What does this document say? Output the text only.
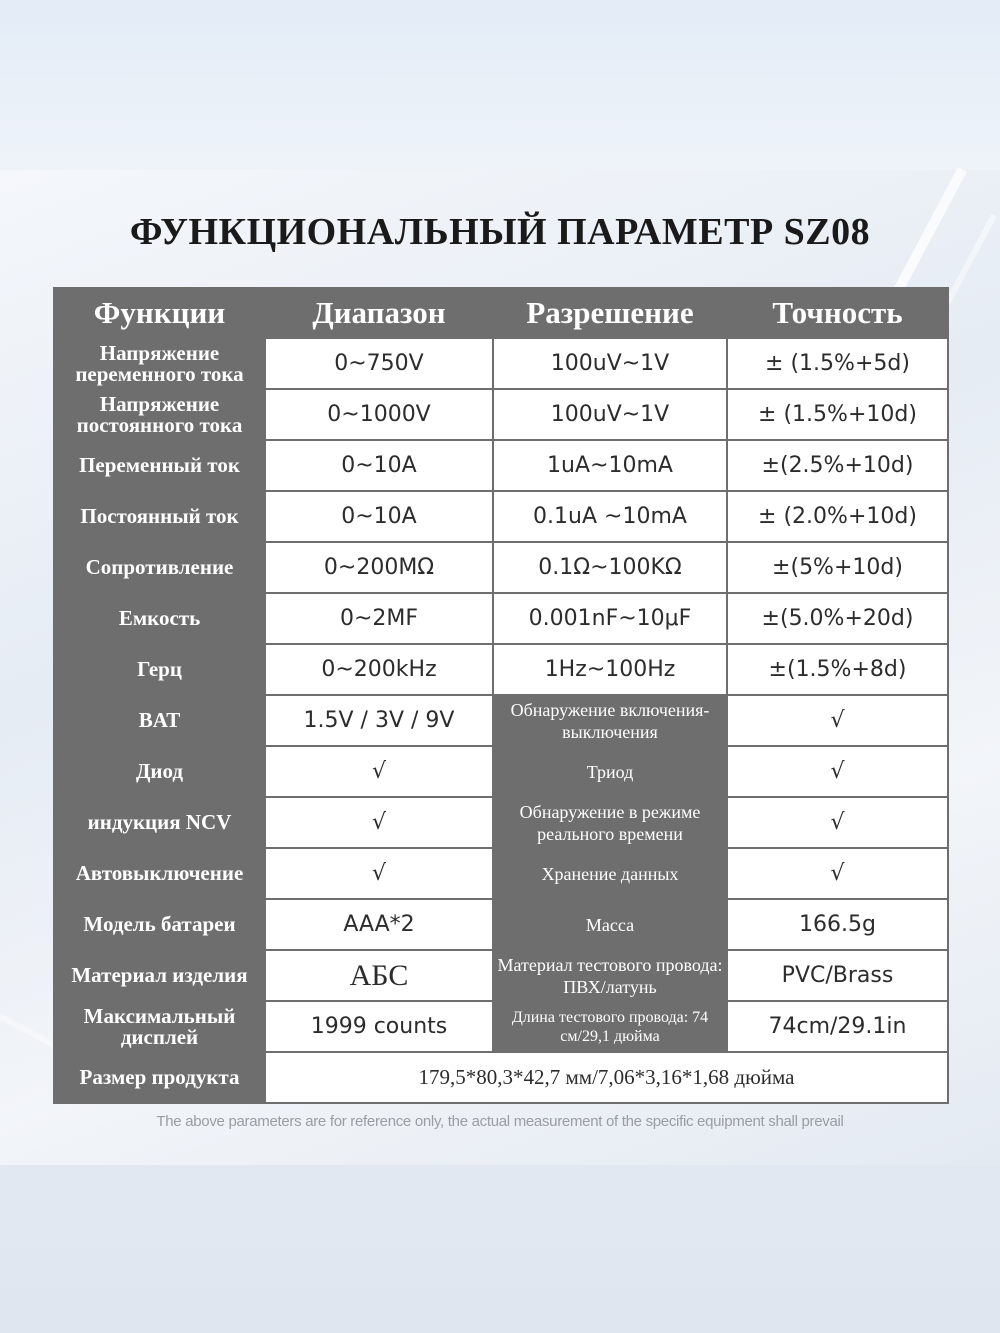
ФУНКЦИОНАЛЬНЫЙ ПАРАМЕТР SZ08
Функции	Диапазон	Разрешение	Точность
Напряжение переменного тока	0~750V	100uV~1V	± (1.5%+5d)
Напряжение постоянного тока	0~1000V	100uV~1V	± (1.5%+10d)
Переменный ток	0~10A	1uA~10mA	±(2.5%+10d)
Постоянный ток	0~10A	0.1uA ~10mA	± (2.0%+10d)
Сопротивление	0~200MΩ	0.1Ω~100KΩ	±(5%+10d)
Емкость	0~2MF	0.001nF~10μF	±(5.0%+20d)
Герц	0~200kHz	1Hz~100Hz	±(1.5%+8d)
BAT	1.5V / 3V / 9V	Обнаружение включения-выключения	√
Диод	√	Триод	√
индукция NCV	√	Обнаружение в режиме реального времени	√
Автовыключение	√	Хранение данных	√
Модель батареи	AAA*2	Масса	166.5g
Материал изделия	АБС	Материал тестового провода: ПВХ/латунь	PVC/Brass
Максимальный дисплей	1999 counts	Длина тестового провода: 74 см/29,1 дюйма	74cm/29.1in
Размер продукта	179,5*80,3*42,7 мм/7,06*3,16*1,68 дюйма		
The above parameters are for reference only, the actual measurement of the specific equipment shall prevail
